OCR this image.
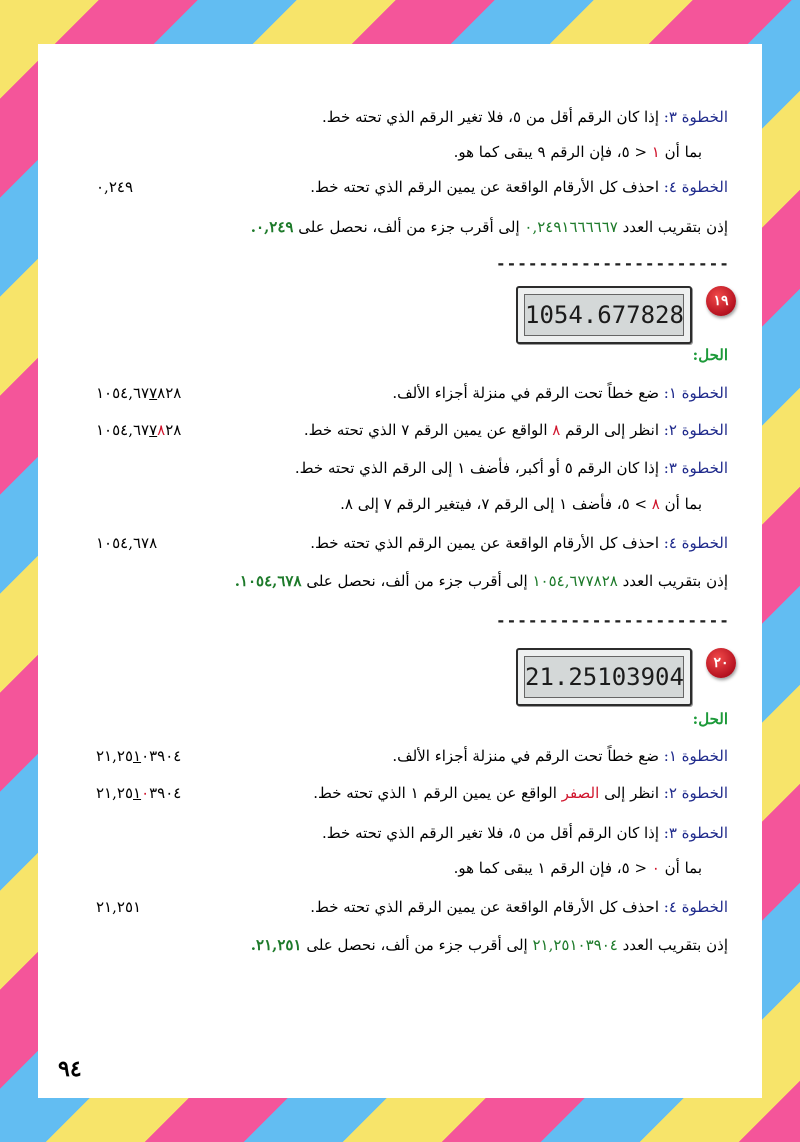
الخطوة ٣: إذا كان الرقم أقل من ٥، فلا تغير الرقم الذي تحته خط.
بما أن ١ < ٥، فإن الرقم ٩ يبقى كما هو.
الخطوة ٤: احذف كل الأرقام الواقعة عن يمين الرقم الذي تحته خط.
٠,٢٤٩
إذن بتقريب العدد ٠,٢٤٩١٦٦٦٦٦٧ إلى أقرب جزء من ألف، نحصل على ٠,٢٤٩.
----------------------
1054.677828	١٩
الحل:
الخطوة ١: ضع خطاً تحت الرقم في منزلة أجزاء الألف.
١٠٥٤,٦٧٧٨٢٨
الخطوة ٢: انظر إلى الرقم ٨ الواقع عن يمين الرقم ٧ الذي تحته خط.
١٠٥٤,٦٧٧٨٢٨
الخطوة ٣: إذا كان الرقم ٥ أو أكبر، فأضف ١ إلى الرقم الذي تحته خط.
بما أن ٨ > ٥، فأضف ١ إلى الرقم ٧، فيتغير الرقم ٧ إلى ٨.
الخطوة ٤: احذف كل الأرقام الواقعة عن يمين الرقم الذي تحته خط.
١٠٥٤,٦٧٨
إذن بتقريب العدد ١٠٥٤,٦٧٧٨٢٨ إلى أقرب جزء من ألف، نحصل على ١٠٥٤,٦٧٨.
----------------------
21.25103904	٢٠
الحل:
الخطوة ١: ضع خطاً تحت الرقم في منزلة أجزاء الألف.
٢١,٢٥١٠٣٩٠٤
الخطوة ٢: انظر إلى الصفر الواقع عن يمين الرقم ١ الذي تحته خط.
٢١,٢٥١٠٣٩٠٤
الخطوة ٣: إذا كان الرقم أقل من ٥، فلا تغير الرقم الذي تحته خط.
بما أن ٠ < ٥، فإن الرقم ١ يبقى كما هو.
الخطوة ٤: احذف كل الأرقام الواقعة عن يمين الرقم الذي تحته خط.
٢١,٢٥١
إذن بتقريب العدد ٢١,٢٥١٠٣٩٠٤ إلى أقرب جزء من ألف، نحصل على ٢١,٢٥١.
٩٤
